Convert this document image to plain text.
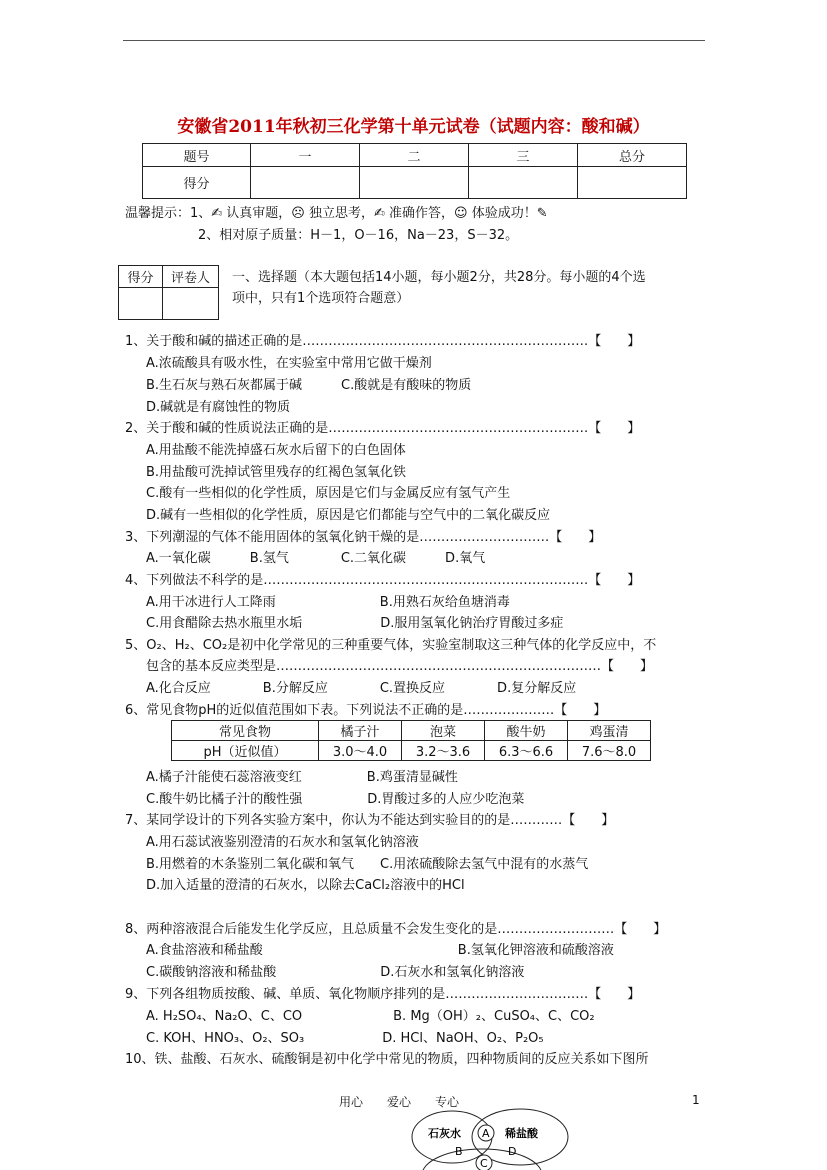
安徽省2011年秋初三化学第十单元试卷（试题内容：酸和碱）
题号	一	二	三	总分
得分				
温馨提示：1、✍ 认真审题，☹ 独立思考，✍ 准确作答，☺ 体验成功！✎
2、相对原子质量：H－1，O－16，Na－23，S－32。
得分	评卷人
	一、选择题（本大题包括14小题，每小题2分，共28分。每小题的4个选
项中，只有1个选项符合题意）
1、关于酸和碱的描述正确的是…………………………………………………………【　　】
A.浓硫酸具有吸水性，在实验室中常用它做干燥剂
B.生石灰与熟石灰都属于碱　　　C.酸就是有酸味的物质
D.碱就是有腐蚀性的物质
2、关于酸和碱的性质说法正确的是……………………………………………………【　　】
A.用盐酸不能洗掉盛石灰水后留下的白色固体
B.用盐酸可洗掉试管里残存的红褐色氢氧化铁
C.酸有一些相似的化学性质，原因是它们与金属反应有氢气产生
D.碱有一些相似的化学性质，原因是它们都能与空气中的二氧化碳反应
3、下列潮湿的气体不能用固体的氢氧化钠干燥的是…………………………【　　】
A.一氧化碳　　　B.氢气　　　　C.二氧化碳　　　D.氧气
4、下列做法不科学的是…………………………………………………………………【　　】
A.用干冰进行人工降雨　　　　　　　　B.用熟石灰给鱼塘消毒
C.用食醋除去热水瓶里水垢　　　　　　D.服用氢氧化钠治疗胃酸过多症
5、O₂、H₂、CO₂是初中化学常见的三种重要气体，实验室制取这三种气体的化学反应中，不
包含的基本反应类型是…………………………………………………………………【　　】
A.化合反应　　　　B.分解反应　　　　C.置换反应　　　　D.复分解反应
6、常见食物pH的近似值范围如下表。下列说法不正确的是…………………【　　】
常见食物	橘子汁	泡菜	酸牛奶	鸡蛋清
pH（近似值）	3.0～4.0	3.2～3.6	6.3～6.6	7.6～8.0
A.橘子汁能使石蕊溶液变红　　　　　B.鸡蛋清显碱性
C.酸牛奶比橘子汁的酸性强　　　　　D.胃酸过多的人应少吃泡菜
7、某同学设计的下列各实验方案中，你认为不能达到实验目的的是…………【　　】
A.用石蕊试液鉴别澄清的石灰水和氢氧化钠溶液
B.用燃着的木条鉴别二氧化碳和氧气　　C.用浓硫酸除去氢气中混有的水蒸气
D.加入适量的澄清的石灰水，以除去CaCl₂溶液中的HCl
8、两种溶液混合后能发生化学反应，且总质量不会发生变化的是………………………【　　】
A.食盐溶液和稀盐酸　　　　　　　　　　　　　　　B.氢氧化钾溶液和硫酸溶液
C.碳酸钠溶液和稀盐酸　　　　　　　　D.石灰水和氢氧化钠溶液
9、下列各组物质按酸、碱、单质、氧化物顺序排列的是……………………………【　　】
A. H₂SO₄、Na₂O、C、CO　　　　　　　B. Mg（OH）₂、CuSO₄、C、CO₂
C. KOH、HNO₃、O₂、SO₃　　　　　　D. HCl、NaOH、O₂、P₂O₅
10、铁、盐酸、石灰水、硫酸铜是初中化学中常见的物质，四种物质间的反应关系如下图所
用心　　爱心　　专心	1
石灰水	稀盐酸
A
B
C
D
